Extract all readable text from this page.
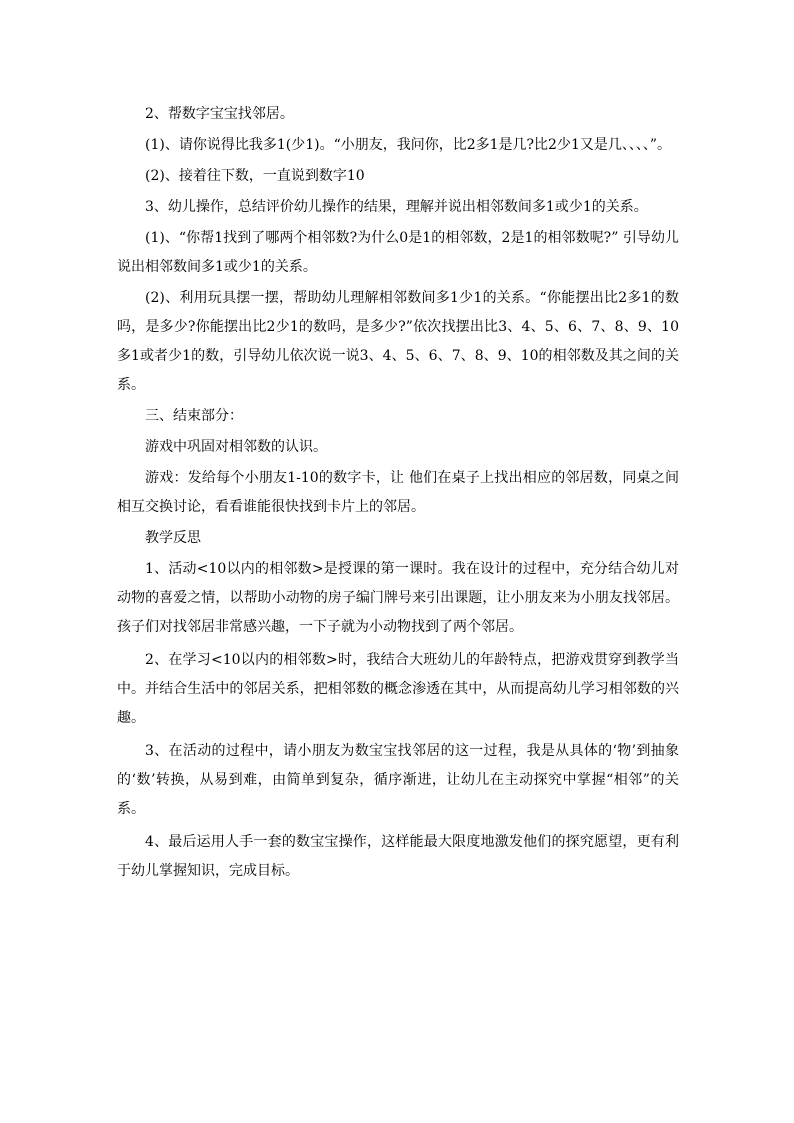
2、帮数字宝宝找邻居。

(1)、请你说得比我多1(少1)。“小朋友，我问你，比2多1是几?比2少1又是几、、、、”。

(2)、接着往下数，一直说到数字10

3、幼儿操作，总结评价幼儿操作的结果，理解并说出相邻数间多1或少1的关系。

(1)、“你帮1找到了哪两个相邻数?为什么0是1的相邻数，2是1的相邻数呢?” 引导幼儿说出相邻数间多1或少1的关系。

(2)、利用玩具摆一摆，帮助幼儿理解相邻数间多1少1的关系。“你能摆出比2多1的数吗，是多少?你能摆出比2少1的数吗，是多少?”依次找摆出比3、4、5、6、7、8、9、10多1或者少1的数，引导幼儿依次说一说3、4、5、6、7、8、9、10的相邻数及其之间的关系。

三、结束部分：

游戏中巩固对相邻数的认识。

游戏：发给每个小朋友1-10的数字卡，让 他们在桌子上找出相应的邻居数，同桌之间相互交换讨论，看看谁能很快找到卡片上的邻居。

教学反思

1、活动<10以内的相邻数>是授课的第一课时。我在设计的过程中，充分结合幼儿对动物的喜爱之情，以帮助小动物的房子编门牌号来引出课题，让小朋友来为小朋友找邻居。孩子们对找邻居非常感兴趣，一下子就为小动物找到了两个邻居。

2、在学习<10以内的相邻数>时，我结合大班幼儿的年龄特点，把游戏贯穿到教学当中。并结合生活中的邻居关系，把相邻数的概念渗透在其中，从而提高幼儿学习相邻数的兴趣。

3、在活动的过程中，请小朋友为数宝宝找邻居的这一过程，我是从具体的‘物’到抽象的‘数’转换，从易到难，由简单到复杂，循序渐进，让幼儿在主动探究中掌握“相邻”的关系。

4、最后运用人手一套的数宝宝操作，这样能最大限度地激发他们的探究愿望，更有利于幼儿掌握知识，完成目标。
